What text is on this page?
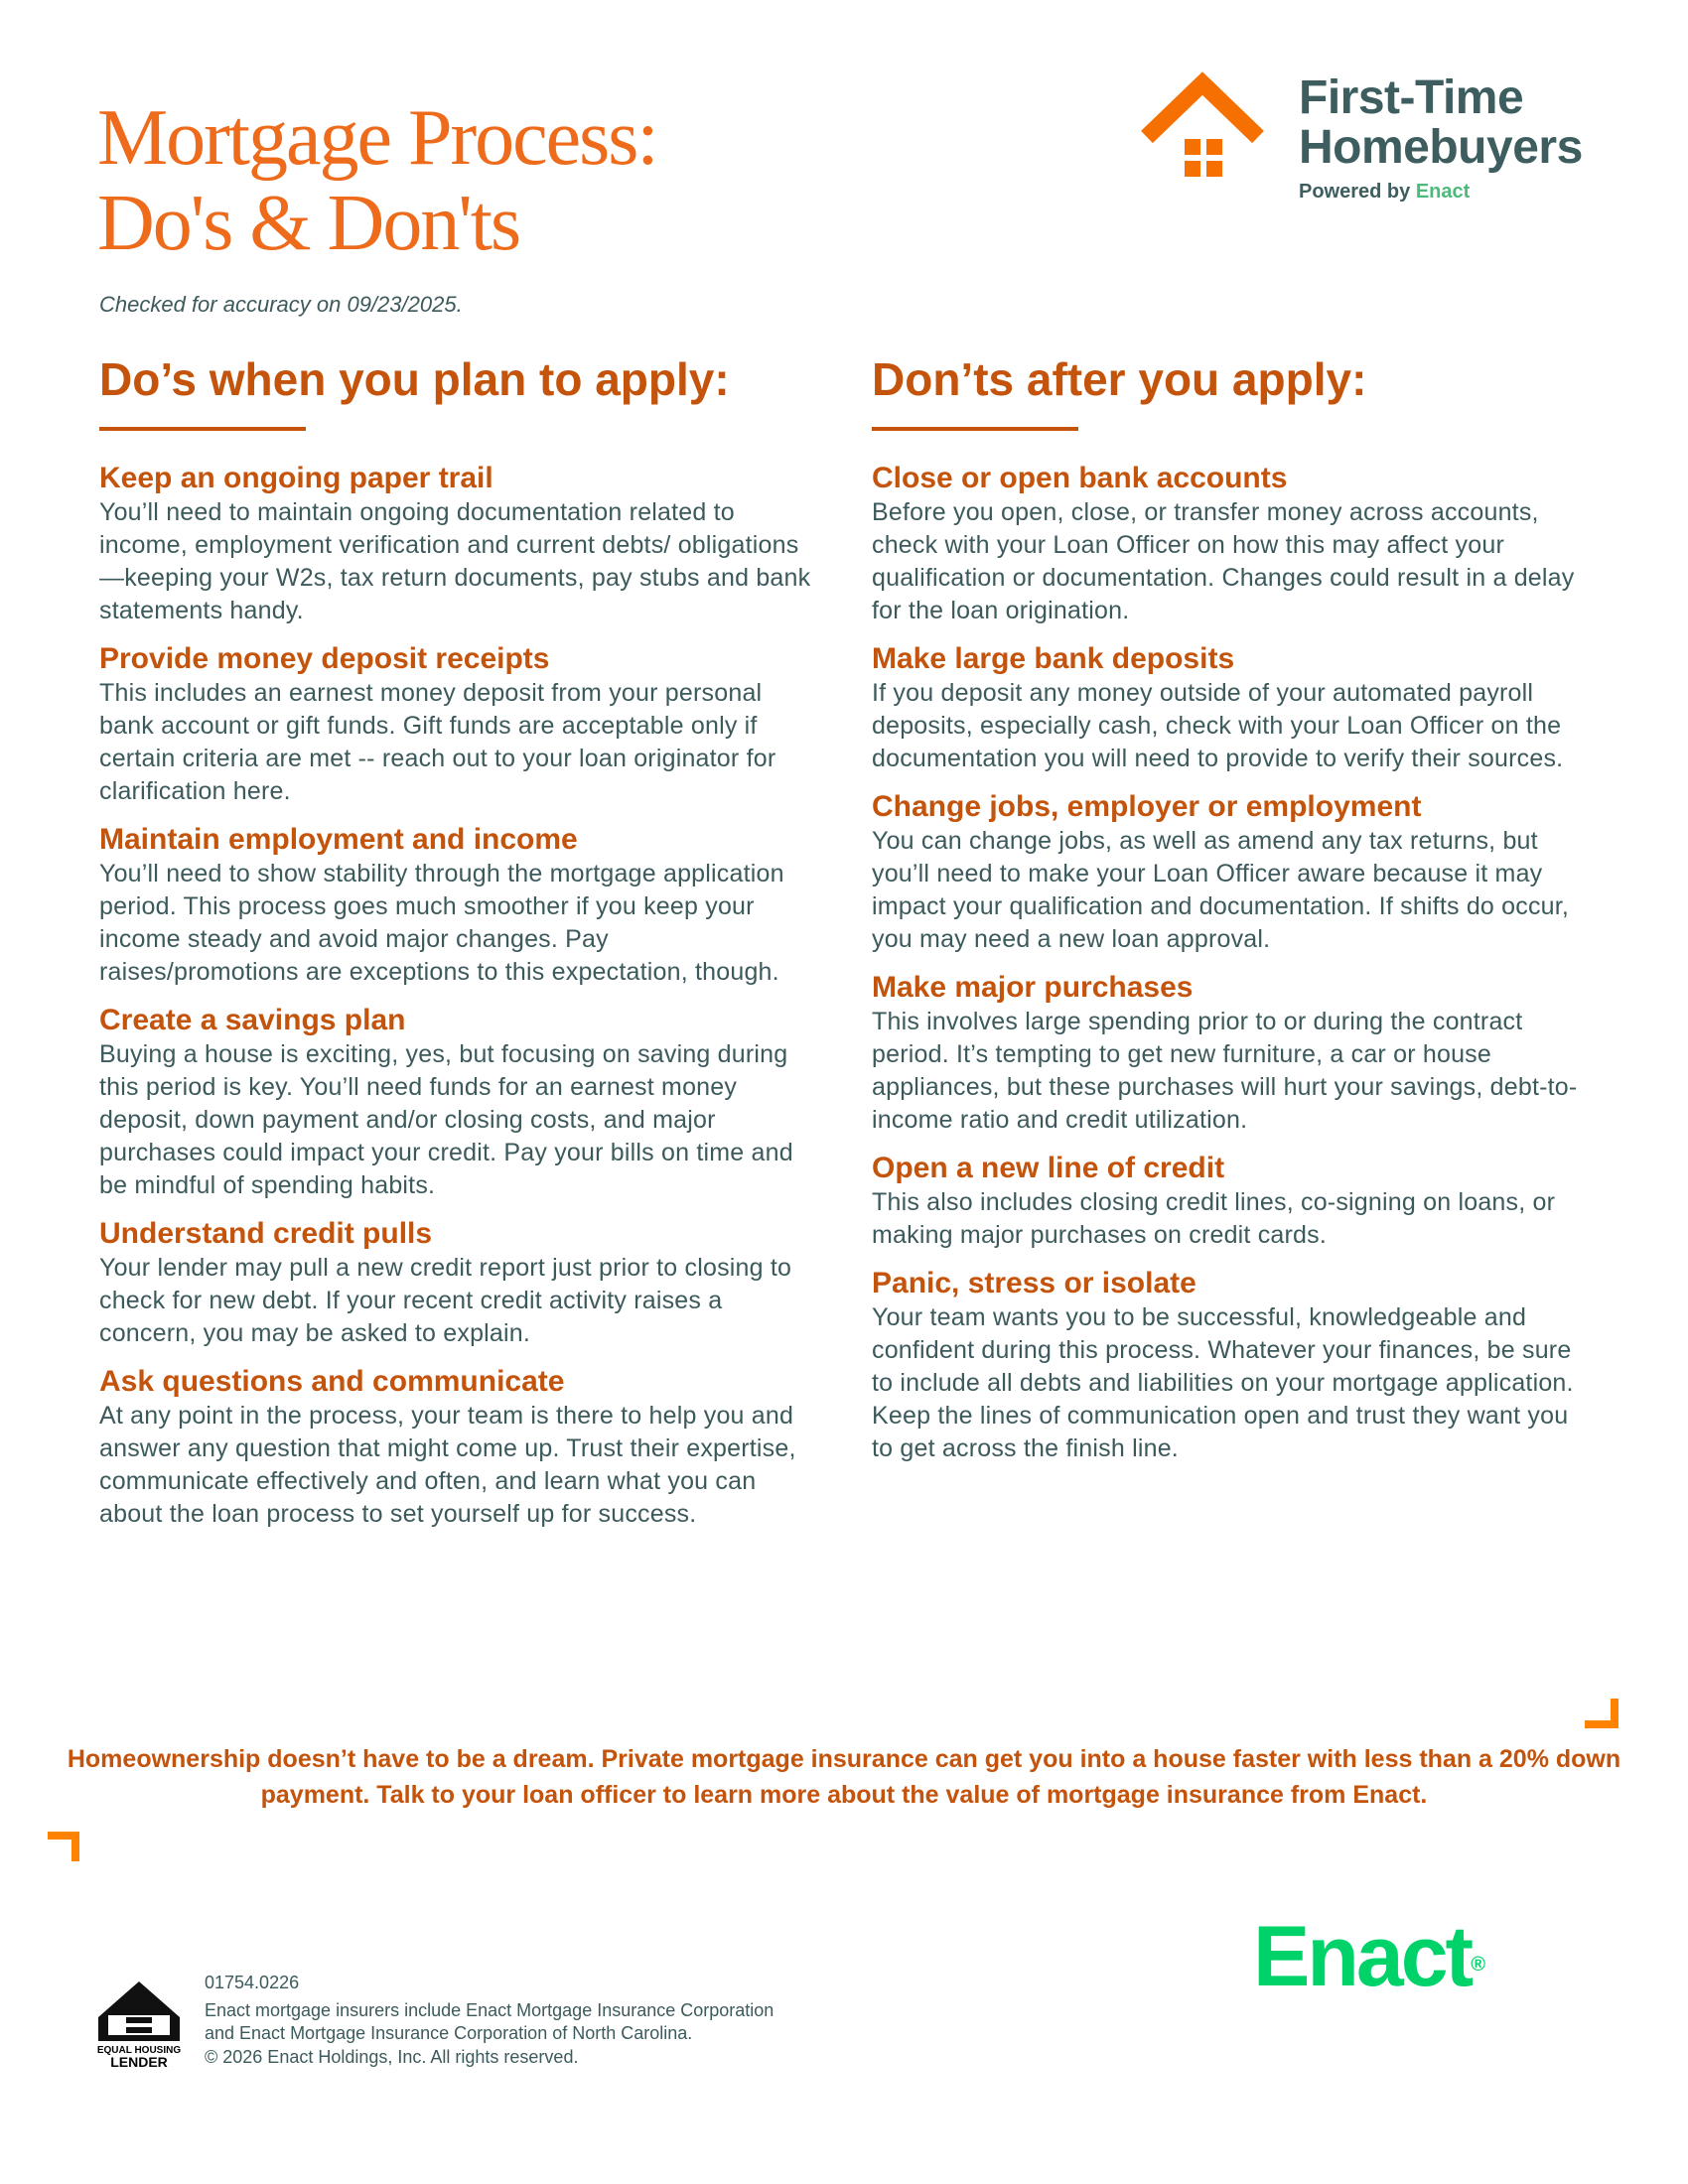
Mortgage Process:
Do's & Don'ts
Checked for accuracy on 09/23/2025.
First-Time
Homebuyers
Powered by Enact
Do’s when you plan to apply:
Keep an ongoing paper trail

You’ll need to maintain ongoing documentation related to income, employment verification and current debts/ obligations—keeping your W2s, tax return documents, pay stubs and bank statements handy.

Provide money deposit receipts

This includes an earnest money deposit from your personal bank account or gift funds. Gift funds are acceptable only if certain criteria are met -- reach out to your loan originator for clarification here.

Maintain employment and income

You’ll need to show stability through the mortgage application period. This process goes much smoother if you keep your income steady and avoid major changes. Pay raises/promotions are exceptions to this expectation, though.

Create a savings plan

Buying a house is exciting, yes, but focusing on saving during this period is key. You’ll need funds for an earnest money deposit, down payment and/or closing costs, and major purchases could impact your credit. Pay your bills on time and be mindful of spending habits.

Understand credit pulls

Your lender may pull a new credit report just prior to closing to check for new debt. If your recent credit activity raises a concern, you may be asked to explain.

Ask questions and communicate

At any point in the process, your team is there to help you and answer any question that might come up. Trust their expertise, communicate effectively and often, and learn what you can about the loan process to set yourself up for success.

Don’ts after you apply:
Close or open bank accounts

Before you open, close, or transfer money across accounts, check with your Loan Officer on how this may affect your qualification or documentation. Changes could result in a delay for the loan origination.

Make large bank deposits

If you deposit any money outside of your automated payroll deposits, especially cash, check with your Loan Officer on the documentation you will need to provide to verify their sources.

Change jobs, employer or employment

You can change jobs, as well as amend any tax returns, but you’ll need to make your Loan Officer aware because it may impact your qualification and documentation. If shifts do occur, you may need a new loan approval.

Make major purchases

This involves large spending prior to or during the contract period. It’s tempting to get new furniture, a car or house appliances, but these purchases will hurt your savings, debt-to-income ratio and credit utilization.

Open a new line of credit

This also includes closing credit lines, co-signing on loans, or making major purchases on credit cards.

Panic, stress or isolate

Your team wants you to be successful, knowledgeable and confident during this process. Whatever your finances, be sure to include all debts and liabilities on your mortgage application. Keep the lines of communication open and trust they want you to get across the finish line.

Homeownership doesn’t have to be a dream. Private mortgage insurance can get you into a house faster with less than a 20% down payment. Talk to your loan officer to learn more about the value of mortgage insurance from Enact.
Enact®
EQUAL HOUSING
LENDER
01754.0226
Enact mortgage insurers include Enact Mortgage Insurance Corporation
and Enact Mortgage Insurance Corporation of North Carolina.
© 2026 Enact Holdings, Inc. All rights reserved.
